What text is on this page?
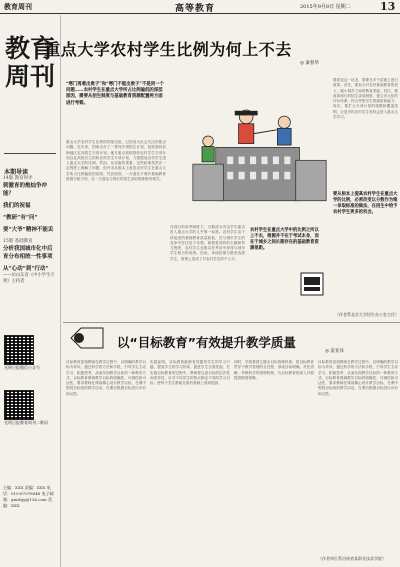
教育周刊	高等教育	2015年9月8日 星期二	13
教育周刊
本期导读
14版 教育时评
刺激育的炮灿争冲能？
我们的祝福
“教研”有“问”
要“大爷”精神不能丢
15版 基础教育
分析我国城市化中后育分布相统一性事项
从“心动”到“行动”
——访山东省《中小学生守则》主持者
光明日报微信公众号
光明日报教育周刊二维码
主编：XXX 责编：XXX 电话：010-67078046 电子邮箱：gmrbjy@126.com 美编：XXX
重点大学农村学生比例为何上不去
◎ 秦春华
“寒门再难出贵子”和“寒门不能出贵子”不是同一个问题……农村学生在重点大学所占比例偏低的深层原因，需要从招生制度与基础教育资源配置两方面进行考察。
重点大学农村学生比例的持续走低，已经成为社会关注的焦点问题。近年来，国家出台了一系列专项招生计划，包括面向贫困地区定向招生专项计划、地方重点高校招收农村学生专项计划以及高校自主招收农村学生专项计划，力图提高农村学生进入重点大学的比例。然而，从实施效果看，这些政策虽然在一定程度上缓解了问题，但并未从根本上改变农村学生在重点大学所占比例偏低的局面。究其原因，一方面在于城乡基础教育资源分配不均，另一方面也与现行的招生录取制度密切相关。
在现行的高考制度下，分数成为决定学生能否进入重点大学的几乎唯一标准。农村学生由于所接受的基础教育质量较低，在与城市学生的竞争中往往处于劣势。即使是同样的天赋和努力程度，农村学生也难以在考试中获得与城市学生相当的成绩。因此，单纯依靠分数来选拔学生，客观上造成了对农村学生的不公平。
农村学生在重点大学中的比例之所以上不去，根源并不在于考试本身，而在于城乡之间长期存在的基础教育资源差距。
要改变这一状况，需要在多个层面上进行改革。首先，要加大对农村基础教育的投入，缩小城乡之间的教育差距；其次，要改革现行的招生录取制度，建立多元化的评价体系，综合考察学生的潜质和能力；再次，要扩大专项计划的规模和覆盖范围，让更多的农村学生有机会进入重点大学学习。
要从根本上提高农村学生在重点大学的比例，必须改变以分数作为唯一录取标准的做法，在招生中给予农村学生更多的机会。
（作者系北京大学招生办公室主任）
以“目标教育”有效提升教学质量
◎ 雷亚泽
目标教育是指教师在教学过程中，以明确的教学目标为导向，通过科学的方法和手段，引导学生主动学习、积极思考，从而实现教学目标的一种教育方式。目标教育强调教学目标的明确性、可测性和可达性，要求教师在课前精心设计教学目标，在课中围绕目标组织教学活动，在课后根据目标进行评价和反思。
实践证明，目标教育能够有效激发学生的学习兴趣，提高学生的学习效率，促进学生全面发展。在实施目标教育的过程中，教师要注意目标的层次性和差异性，针对不同学生的特点制定不同的学习目标，使每个学生都能在原有基础上得到提高。
同时，学校要建立健全目标管理体系，将目标教育贯穿于教学管理的全过程，形成目标明确、责任清晰、考核科学的管理机制，为目标教育的深入开展提供制度保障。
目标教育是指教师在教学过程中，以明确的教学目标为导向，通过科学的方法和手段，引导学生主动学习、积极思考，从而实现教学目标的一种教育方式。目标教育强调教学目标的明确性、可测性和可达性，要求教师在课前精心设计教学目标，在课中围绕目标组织教学活动，在课后根据目标进行评价和反思。
（作者单位系河南省某职业技术学院）
